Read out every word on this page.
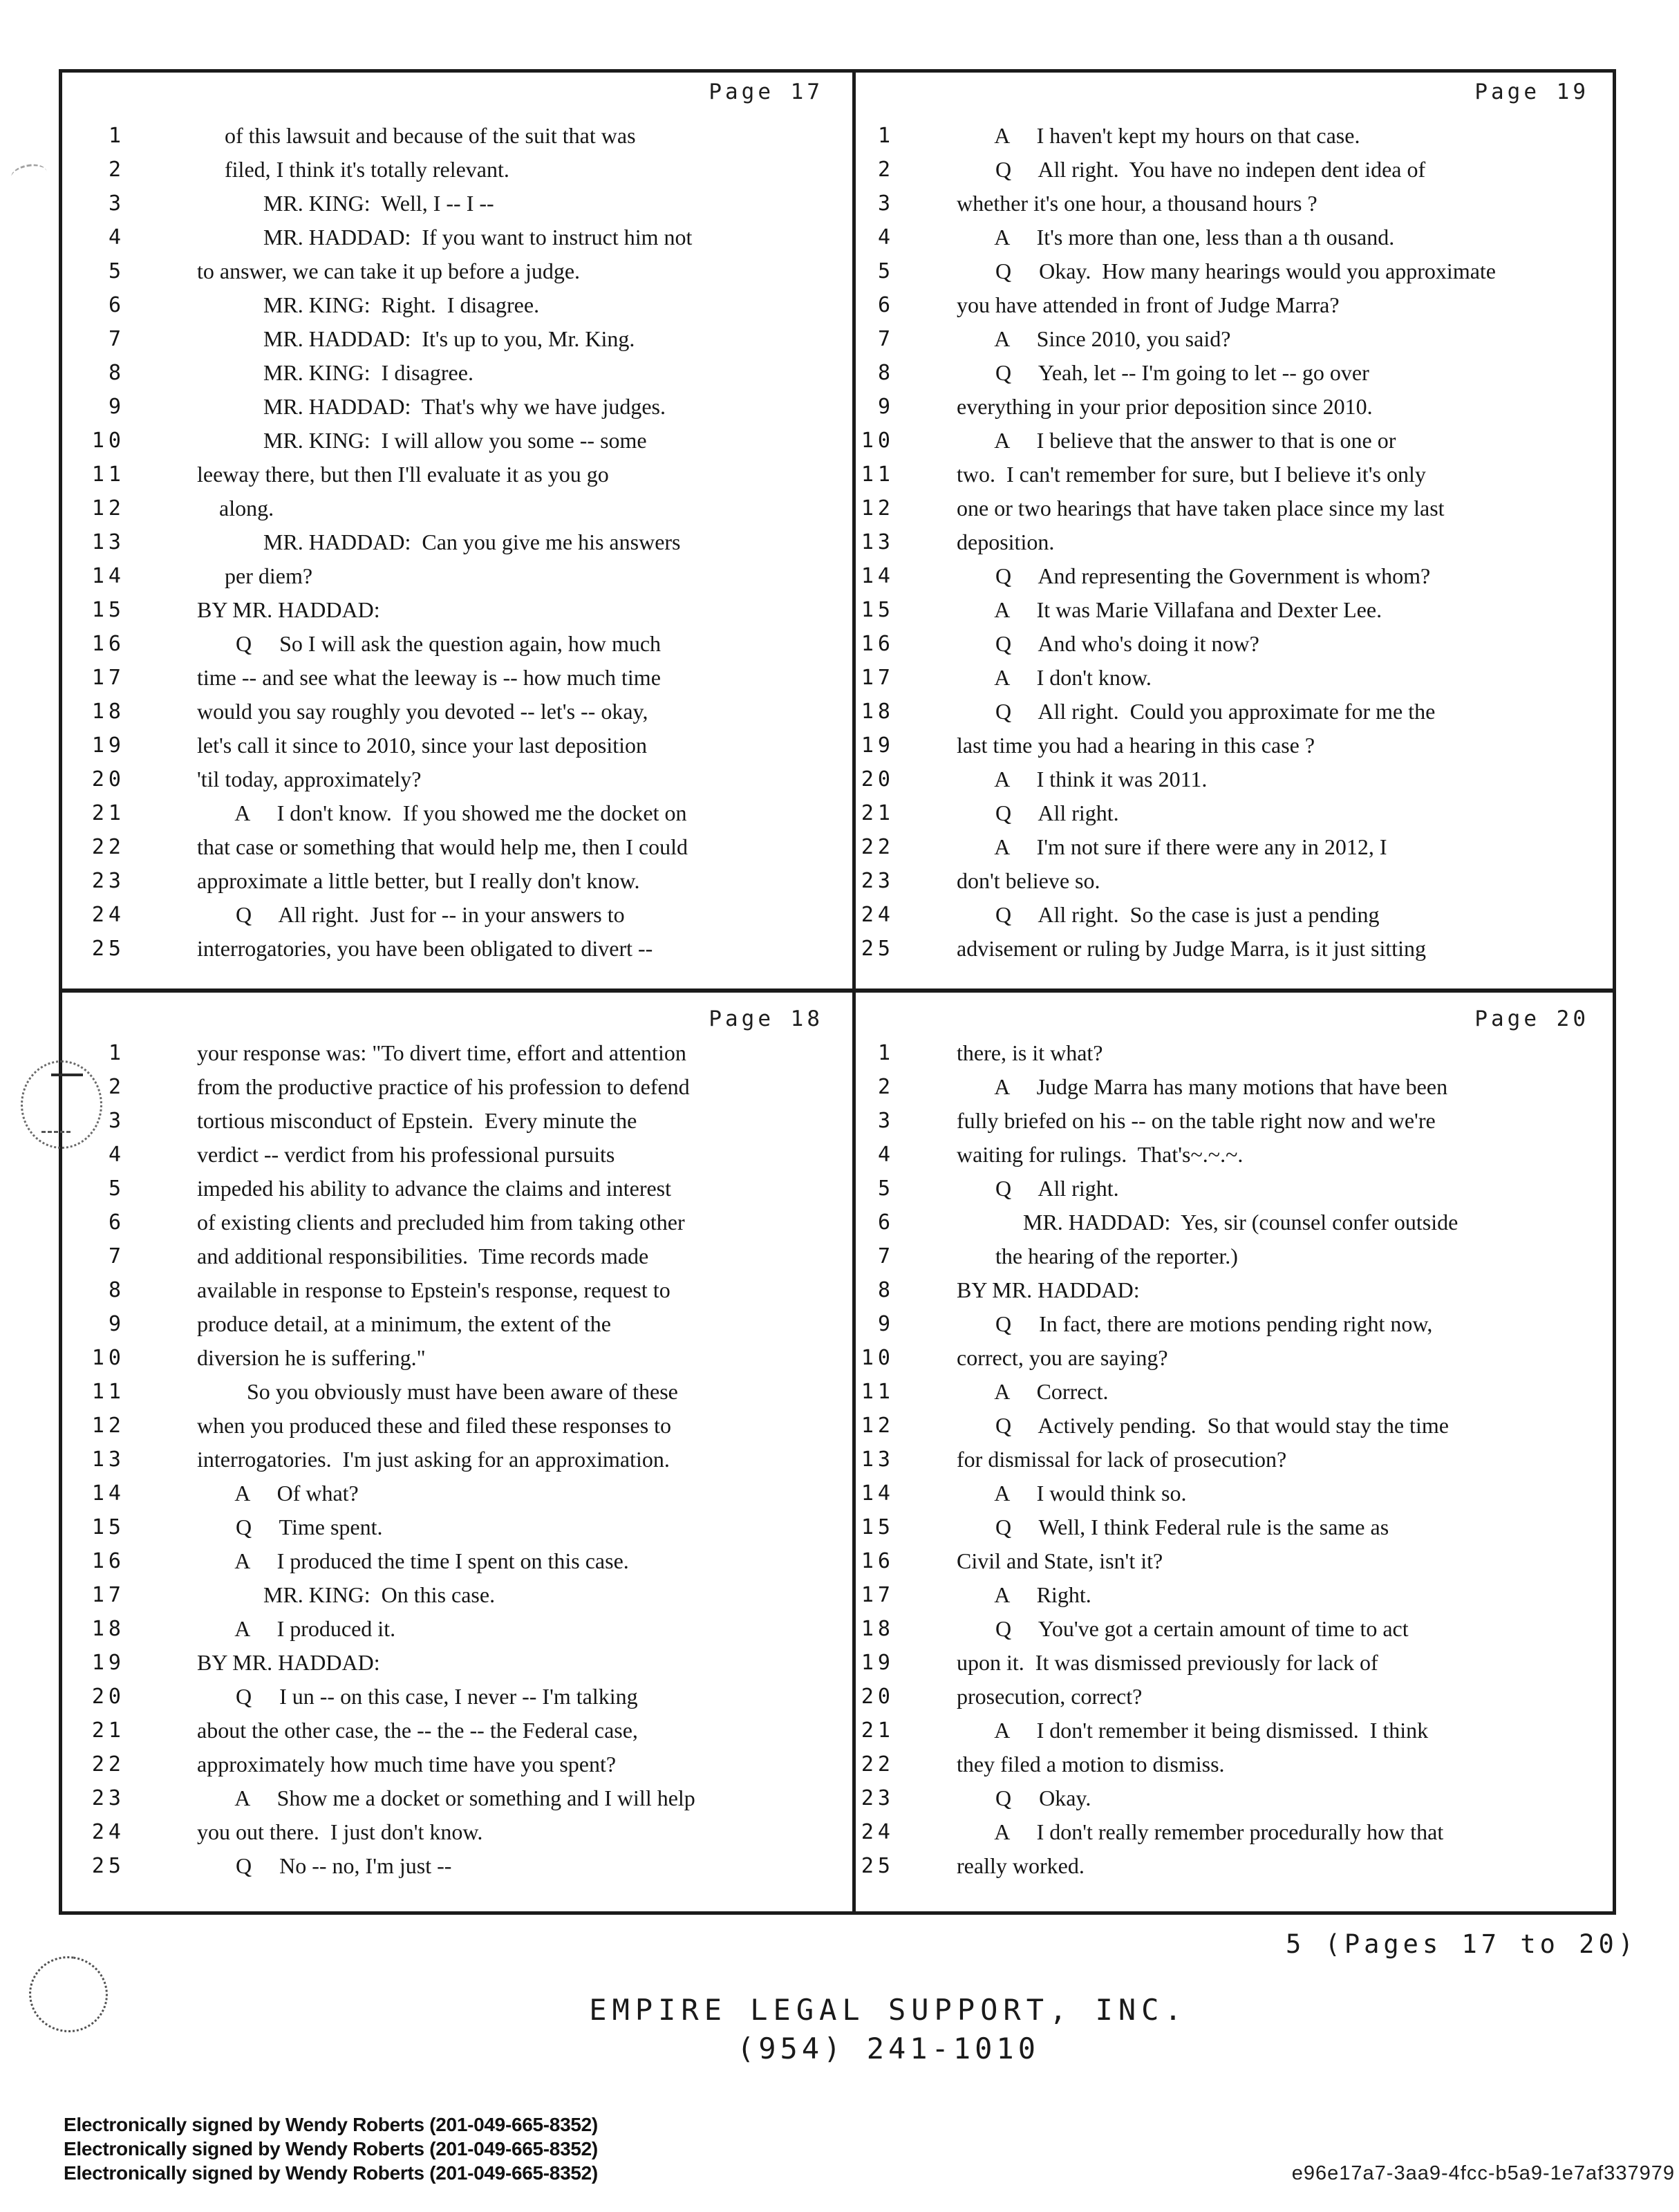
Page 17
1	of this lawsuit and because of the suit that was
2	filed, I think it's totally relevant.
3	MR. KING:  Well, I -- I --
4	MR. HADDAD:  If you want to instruct him not
5	to answer, we can take it up before a judge.
6	MR. KING:  Right.  I disagree.
7	MR. HADDAD:  It's up to you, Mr. King.
8	MR. KING:  I disagree.
9	MR. HADDAD:  That's why we have judges.
10	MR. KING:  I will allow you some -- some
11	leeway there, but then I'll evaluate it as you go
12	along.
13	MR. HADDAD:  Can you give me his answers
14	per diem?
15	BY MR. HADDAD:
16	Q     So I will ask the question again, how much
17	time -- and see what the leeway is -- how much time
18	would you say roughly you devoted -- let's -- okay,
19	let's call it since to 2010, since your last deposition
20	'til today, approximately?
21	A     I don't know.  If you showed me the docket on
22	that case or something that would help me, then I could
23	approximate a little better, but I really don't know.
24	Q     All right.  Just for -- in your answers to
25	interrogatories, you have been obligated to divert --
Page 19
1	A     I haven't kept my hours on that case.
2	Q     All right.  You have no indepen dent idea of
3	whether it's one hour, a thousand hours ?
4	A     It's more than one, less than a th ousand.
5	Q     Okay.  How many hearings would you approximate
6	you have attended in front of Judge Marra?
7	A     Since 2010, you said?
8	Q     Yeah, let -- I'm going to let -- go over
9	everything in your prior deposition since 2010.
10	A     I believe that the answer to that is one or
11	two.  I can't remember for sure, but I believe it's only
12	one or two hearings that have taken place since my last
13	deposition.
14	Q     And representing the Government is whom?
15	A     It was Marie Villafana and Dexter Lee.
16	Q     And who's doing it now?
17	A     I don't know.
18	Q     All right.  Could you approximate for me the
19	last time you had a hearing in this case ?
20	A     I think it was 2011.
21	Q     All right.
22	A     I'm not sure if there were any in 2012, I
23	don't believe so.
24	Q     All right.  So the case is just a pending
25	advisement or ruling by Judge Marra, is it just sitting
Page 18
1	your response was: "To divert time, effort and attention
2	from the productive practice of his profession to defend
3	tortious misconduct of Epstein.  Every minute the
4	verdict -- verdict from his professional pursuits
5	impeded his ability to advance the claims and interest
6	of existing clients and precluded him from taking other
7	and additional responsibilities.  Time records made
8	available in response to Epstein's response, request to
9	produce detail, at a minimum, the extent of the
10	diversion he is suffering."
11	So you obviously must have been aware of these
12	when you produced these and filed these responses to
13	interrogatories.  I'm just asking for an approximation.
14	A     Of what?
15	Q     Time spent.
16	A     I produced the time I spent on this case.
17	MR. KING:  On this case.
18	A     I produced it.
19	BY MR. HADDAD:
20	Q     I un -- on this case, I never -- I'm talking
21	about the other case, the -- the -- the Federal case,
22	approximately how much time have you spent?
23	A     Show me a docket or something and I will help
24	you out there.  I just don't know.
25	Q     No -- no, I'm just --
Page 20
1	there, is it what?
2	A     Judge Marra has many motions that have been
3	fully briefed on his -- on the table right now and we're
4	waiting for rulings.  That's~.~.~.
5	Q     All right.
6	MR. HADDAD:  Yes, sir (counsel confer outside
7	the hearing of the reporter.)
8	BY MR. HADDAD:
9	Q     In fact, there are motions pending right now,
10	correct, you are saying?
11	A     Correct.
12	Q     Actively pending.  So that would stay the time
13	for dismissal for lack of prosecution?
14	A     I would think so.
15	Q     Well, I think Federal rule is the same as
16	Civil and State, isn't it?
17	A     Right.
18	Q     You've got a certain amount of time to act
19	upon it.  It was dismissed previously for lack of
20	prosecution, correct?
21	A     I don't remember it being dismissed.  I think
22	they filed a motion to dismiss.
23	Q     Okay.
24	A     I don't really remember procedurally how that
25	really worked.
5 (Pages 17 to 20)
EMPIRE LEGAL SUPPORT, INC.
(954) 241-1010
Electronically signed by Wendy Roberts (201-049-665-8352)
Electronically signed by Wendy Roberts (201-049-665-8352)
Electronically signed by Wendy Roberts (201-049-665-8352)	e96e17a7-3aa9-4fcc-b5a9-1e7af337979
